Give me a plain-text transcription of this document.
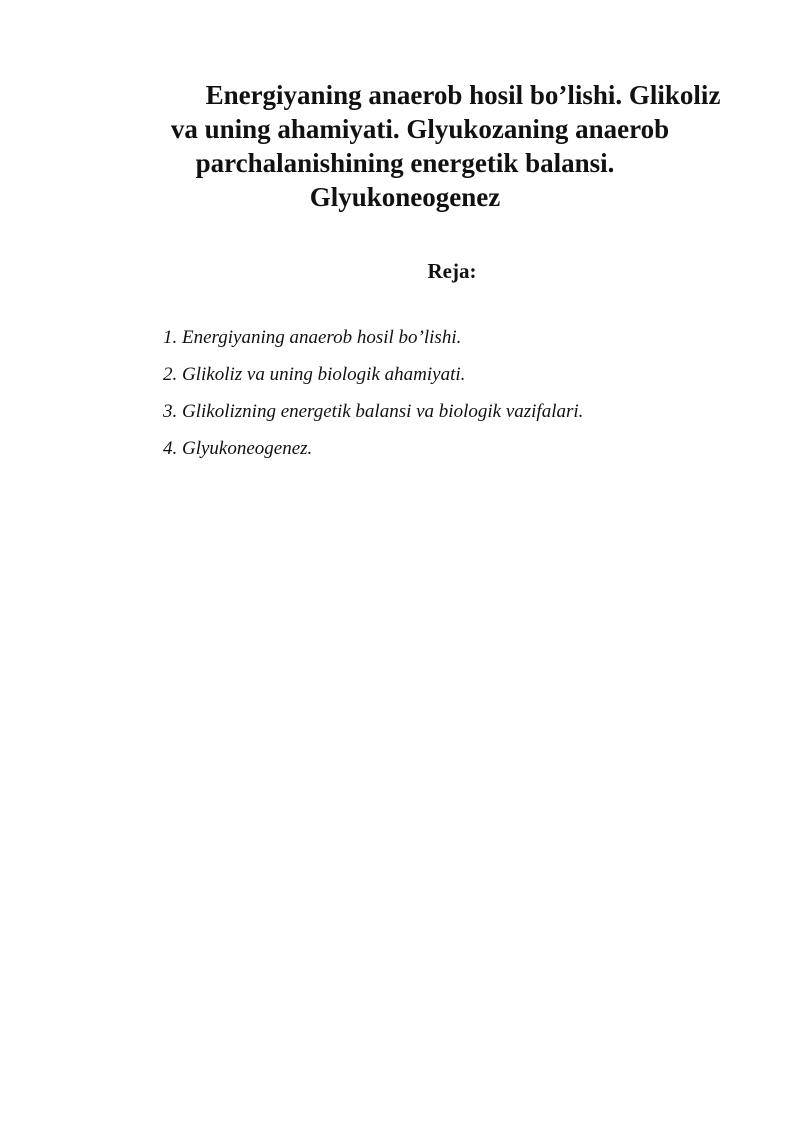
Energiyaning anaerob hosil bo’lishi. Glikoliz
va uning ahamiyati. Glyukozaning anaerob
parchalanishining energetik balansi.
Glyukoneogenez
Reja:
1. Energiyaning anaerob hosil bo’lishi.
2. Glikoliz va uning biologik ahamiyati.
3. Glikolizning energetik balansi va biologik vazifalari.
4. Glyukoneogenez.
